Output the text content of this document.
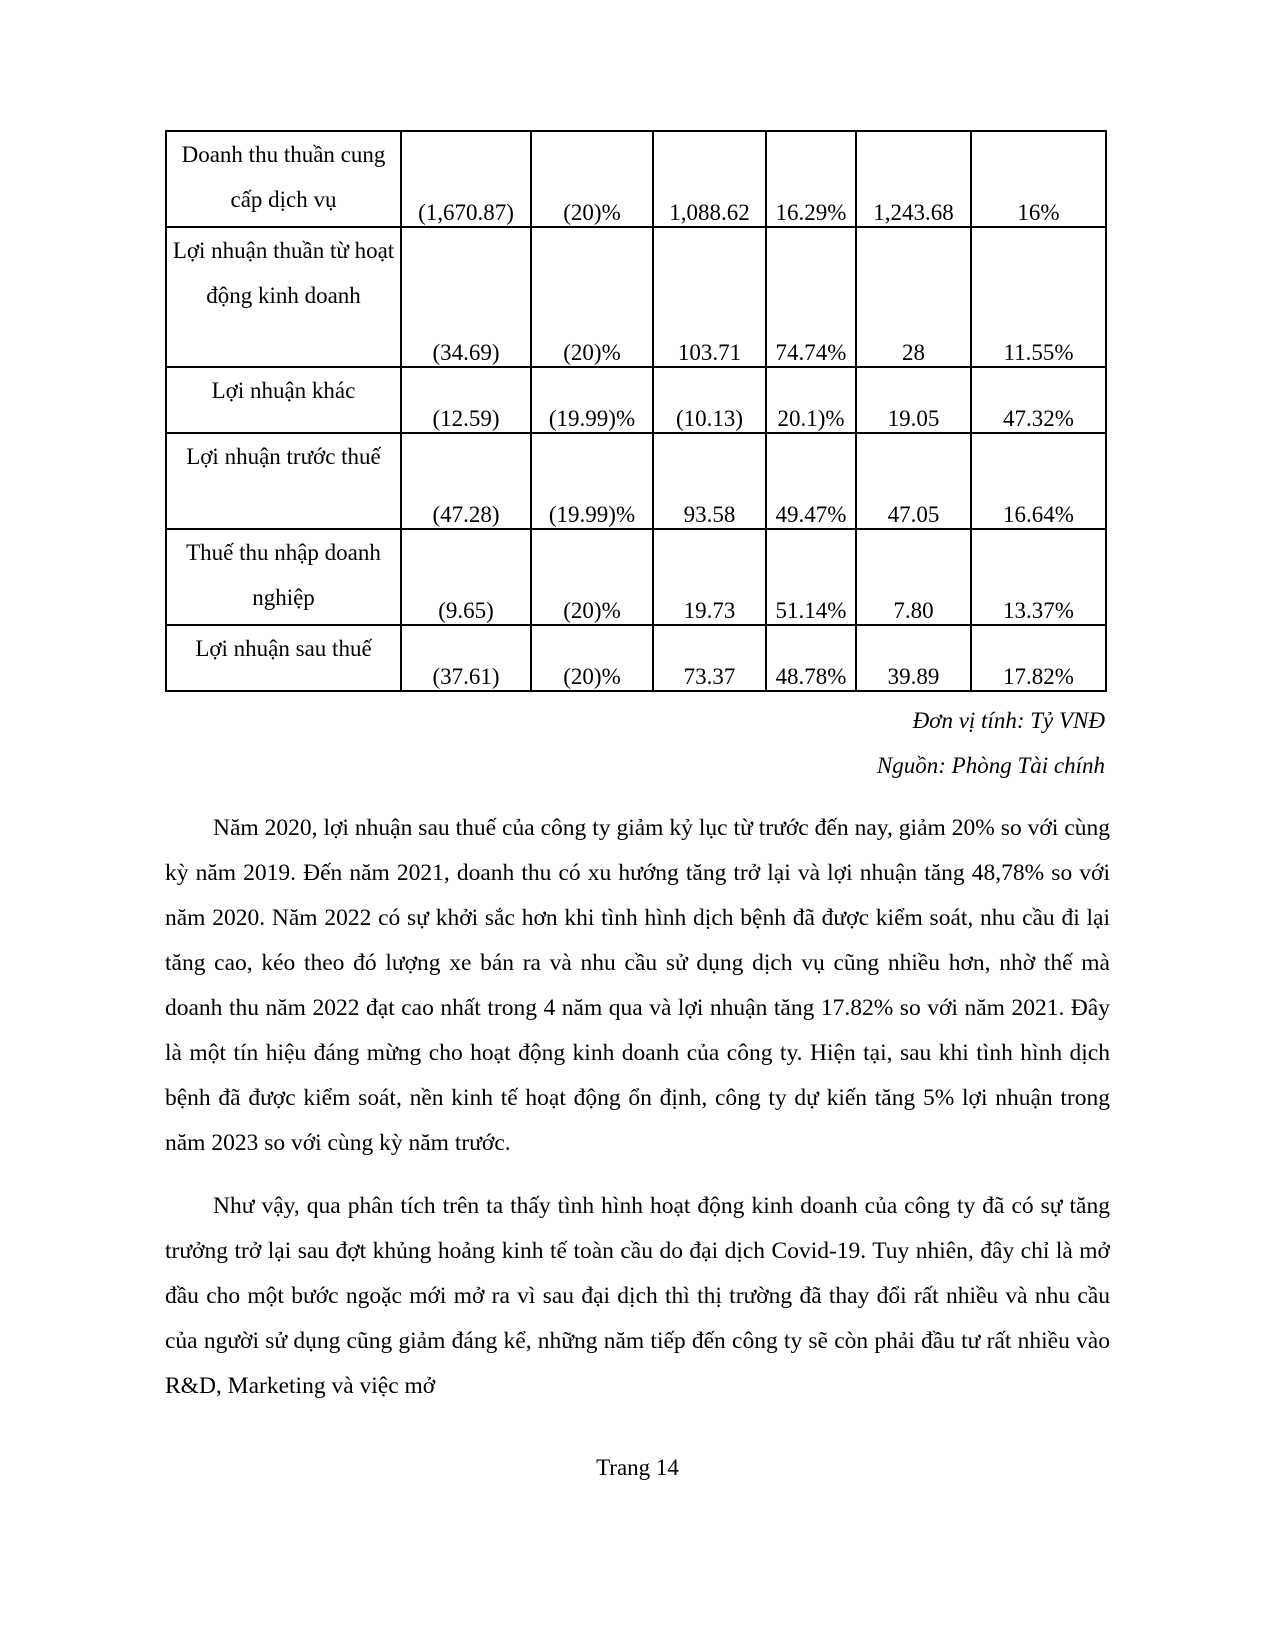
Doanh thu thuần cung cấp dịch vụ	(1,670.87)	(20)%	1,088.62	16.29%	1,243.68	16%
Lợi nhuận thuần từ hoạt động kinh doanh	(34.69)	(20)%	103.71	74.74%	28	11.55%
Lợi nhuận khác	(12.59)	(19.99)%	(10.13)	20.1)%	19.05	47.32%
Lợi nhuận trước thuế	(47.28)	(19.99)%	93.58	49.47%	47.05	16.64%
Thuế thu nhập doanh nghiệp	(9.65)	(20)%	19.73	51.14%	7.80	13.37%
Lợi nhuận sau thuế	(37.61)	(20)%	73.37	48.78%	39.89	17.82%
Đơn vị tính: Tỷ VNĐ
Nguồn: Phòng Tài chính

Năm 2020, lợi nhuận sau thuế của công ty giảm kỷ lục từ trước đến nay, giảm 20% so với cùng kỳ năm 2019. Đến năm 2021, doanh thu có xu hướng tăng trở lại và lợi nhuận tăng 48,78% so với năm 2020. Năm 2022 có sự khởi sắc hơn khi tình hình dịch bệnh đã được kiểm soát, nhu cầu đi lại tăng cao, kéo theo đó lượng xe bán ra và nhu cầu sử dụng dịch vụ cũng nhiều hơn, nhờ thế mà doanh thu năm 2022 đạt cao nhất trong 4 năm qua và lợi nhuận tăng 17.82% so với năm 2021. Đây là một tín hiệu đáng mừng cho hoạt động kinh doanh của công ty. Hiện tại, sau khi tình hình dịch bệnh đã được kiểm soát, nền kinh tế hoạt động ổn định, công ty dự kiến tăng 5% lợi nhuận trong năm 2023 so với cùng kỳ năm trước.

Như vậy, qua phân tích trên ta thấy tình hình hoạt động kinh doanh của công ty đã có sự tăng trưởng trở lại sau đợt khủng hoảng kinh tế toàn cầu do đại dịch Covid-19. Tuy nhiên, đây chỉ là mở đầu cho một bước ngoặc mới mở ra vì sau đại dịch thì thị trường đã thay đổi rất nhiều và nhu cầu của người sử dụng cũng giảm đáng kể, những năm tiếp đến công ty sẽ còn phải đầu tư rất nhiều vào R&D, Marketing và việc mở

Trang 14
